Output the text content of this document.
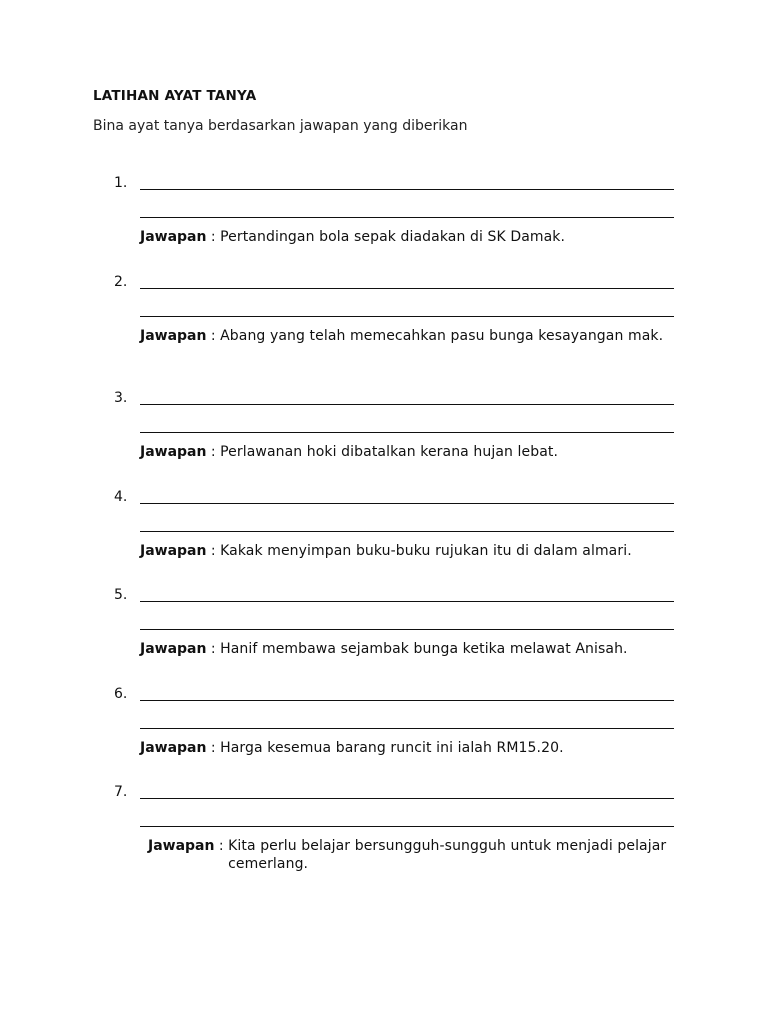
LATIHAN AYAT TANYA
Bina ayat tanya berdasarkan jawapan yang diberikan
1.
Jawapan : Pertandingan bola sepak diadakan di SK Damak.
2.
Jawapan : Abang yang telah memecahkan pasu bunga kesayangan mak.
3.
Jawapan : Perlawanan hoki dibatalkan kerana hujan lebat.
4.
Jawapan : Kakak menyimpan buku-buku rujukan itu di dalam almari.
5.
Jawapan : Hanif membawa sejambak bunga ketika melawat Anisah.
6.
Jawapan : Harga kesemua barang runcit ini ialah RM15.20.
7.
Jawapan : Kita perlu belajar bersungguh-sungguh untuk menjadi pelajar cemerlang.
